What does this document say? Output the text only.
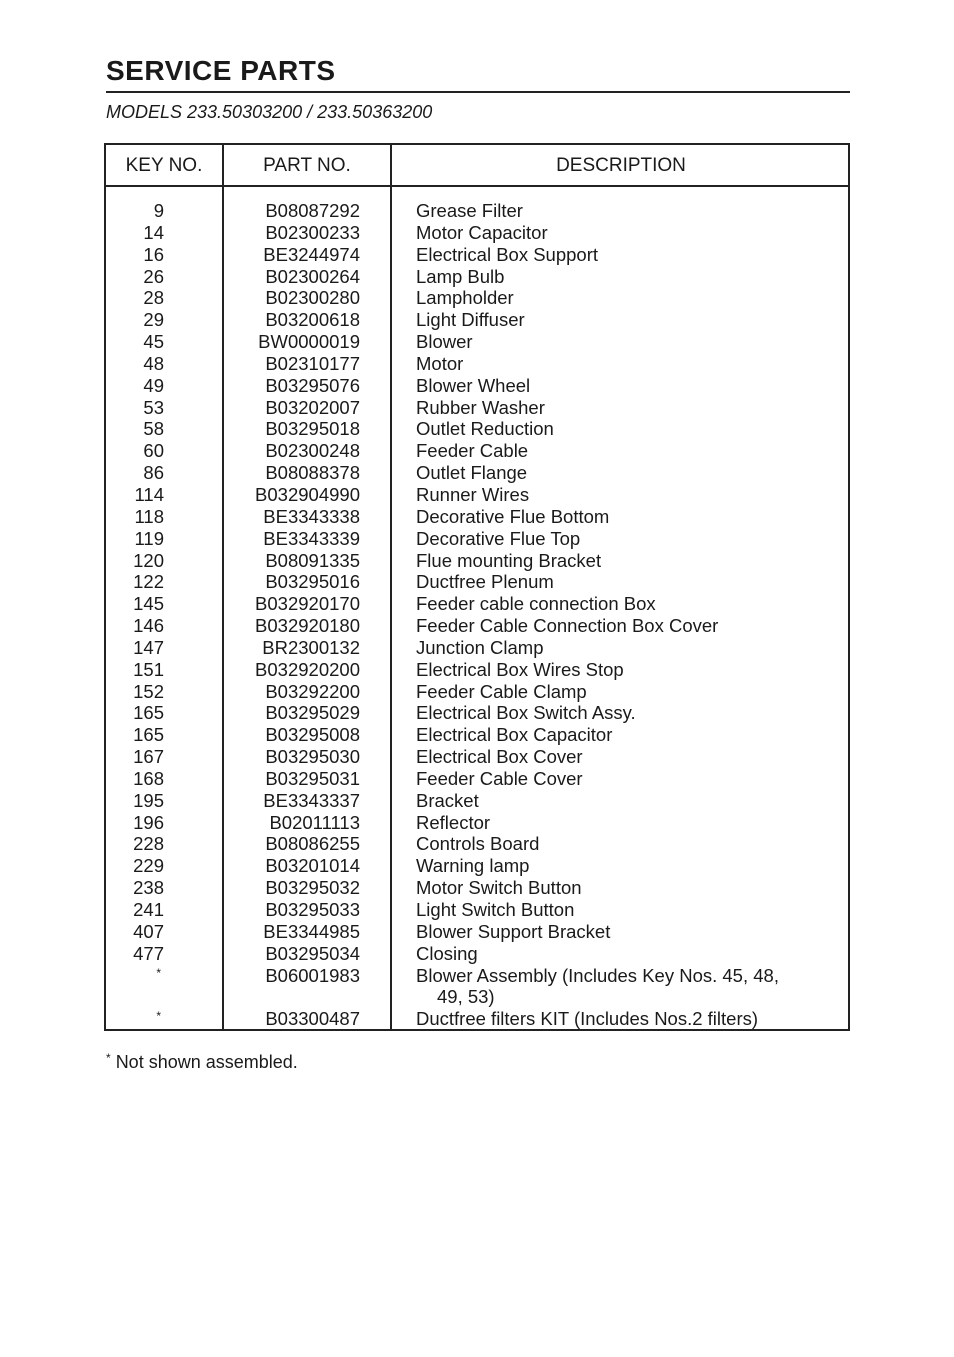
SERVICE PARTS
MODELS 233.50303200 / 233.50363200
KEY NO.	PART NO.	DESCRIPTION
9	B08087292	Grease Filter
14	B02300233	Motor Capacitor
16	BE3244974	Electrical Box Support
26	B02300264	Lamp Bulb
28	B02300280	Lampholder
29	B03200618	Light Diffuser
45	BW0000019	Blower
48	B02310177	Motor
49	B03295076	Blower Wheel
53	B03202007	Rubber Washer
58	B03295018	Outlet Reduction
60	B02300248	Feeder Cable
86	B08088378	Outlet Flange
114	B032904990	Runner Wires
118	BE3343338	Decorative Flue Bottom
119	BE3343339	Decorative Flue Top
120	B08091335	Flue mounting Bracket
122	B03295016	Ductfree Plenum
145	B032920170	Feeder cable connection Box
146	B032920180	Feeder Cable Connection Box Cover
147	BR2300132	Junction Clamp
151	B032920200	Electrical Box Wires Stop
152	B03292200	Feeder Cable Clamp
165	B03295029	Electrical Box Switch Assy.
165	B03295008	Electrical Box Capacitor
167	B03295030	Electrical Box Cover
168	B03295031	Feeder Cable Cover
195	BE3343337	Bracket
196	B02011113	Reflector
228	B08086255	Controls Board
229	B03201014	Warning lamp
238	B03295032	Motor Switch Button
241	B03295033	Light Switch Button
407	BE3344985	Blower Support Bracket
477	B03295034	Closing
*	B06001983	Blower Assembly (Includes Key Nos. 45, 48,
49, 53)
*	B03300487	Ductfree filters KIT (Includes Nos.2 filters)
* Not shown assembled.
